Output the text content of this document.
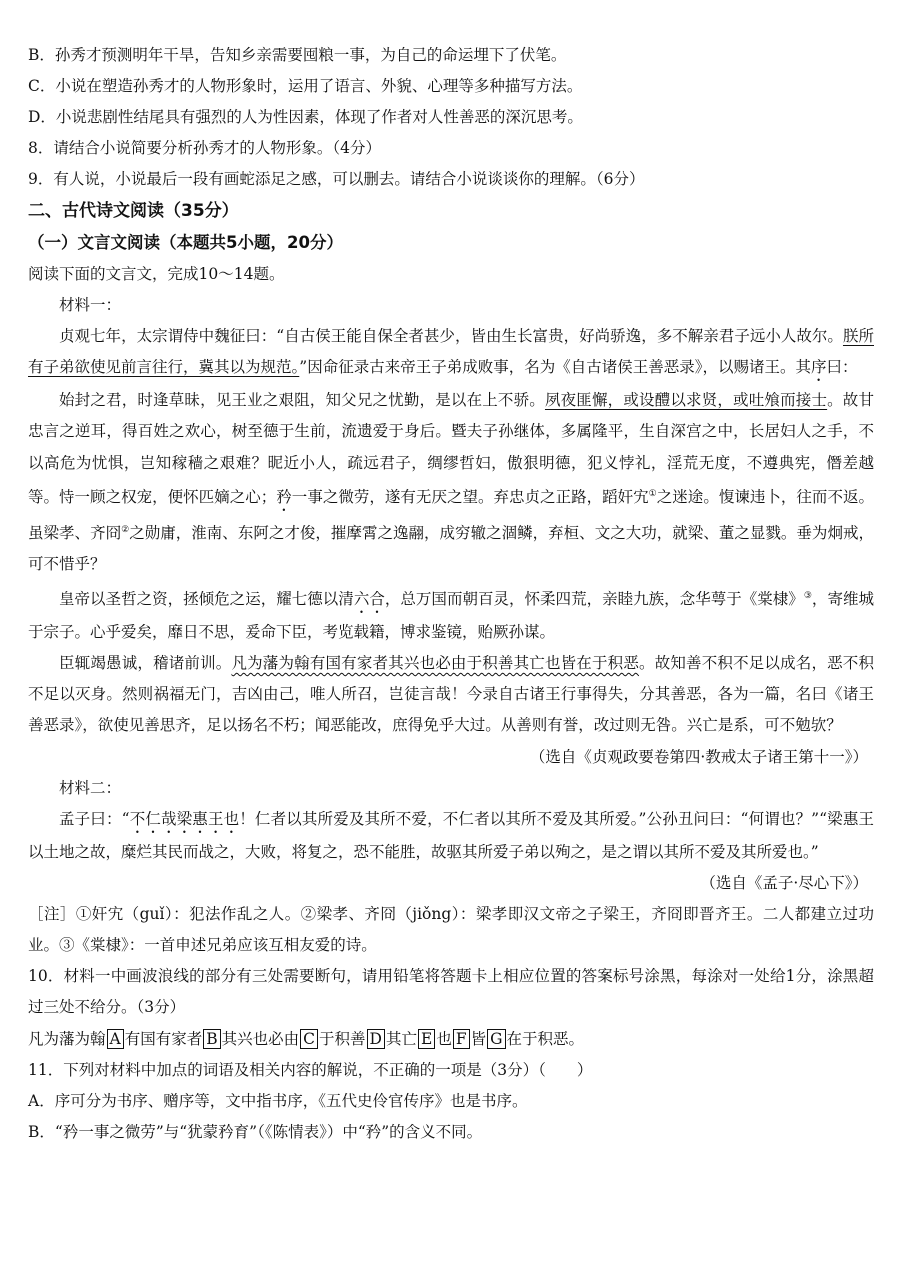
B．孙秀才预测明年干旱，告知乡亲需要囤粮一事，为自己的命运埋下了伏笔。
C．小说在塑造孙秀才的人物形象时，运用了语言、外貌、心理等多种描写方法。
D．小说悲剧性结尾具有强烈的人为性因素，体现了作者对人性善恶的深沉思考。
8．请结合小说简要分析孙秀才的人物形象。（4分）
9．有人说，小说最后一段有画蛇添足之感，可以删去。请结合小说谈谈你的理解。（6分）
二、古代诗文阅读（35分）
（一）文言文阅读（本题共5小题，20分）
阅读下面的文言文，完成10～14题。
材料一：
贞观七年，太宗谓侍中魏征曰：“自古侯王能自保全者甚少，皆由生长富贵，好尚骄逸，多不解亲君子远小人故尔。朕所有子弟欲使见前言往行，冀其以为规范。”因命征录古来帝王子弟成败事，名为《自古诸侯王善恶录》，以赐诸王。其序曰：
始封之君，时逢草昧，见王业之艰阻，知父兄之忧勤，是以在上不骄。夙夜匪懈，或设醴以求贤，或吐飧而接士。故甘忠言之逆耳，得百姓之欢心，树至德于生前，流遗爱于身后。暨夫子孙继体，多属隆平，生自深宫之中，长居妇人之手，不以高危为忧惧，岂知稼穑之艰难？昵近小人，疏远君子，绸缪哲妇，傲狠明德，犯义悖礼，淫荒无度，不遵典宪，僭差越等。恃一顾之权宠，便怀匹嫡之心；矜一事之微劳，遂有无厌之望。弃忠贞之正路，蹈奸宄①之迷途。愎谏违卜，往而不返。虽梁孝、齐冏②之勋庸，淮南、东阿之才俊，摧摩霄之逸翮，成穷辙之涸鳞，弃桓、文之大功，就梁、董之显戮。垂为炯戒，可不惜乎？
皇帝以圣哲之资，拯倾危之运，耀七德以清六合，总万国而朝百灵，怀柔四荒，亲睦九族，念华萼于《棠棣》③，寄维城于宗子。心乎爱矣，靡日不思，爰命下臣，考览载籍，博求鉴镜，贻厥孙谋。
臣辄竭愚诚，稽诸前训。凡为藩为翰有国有家者其兴也必由于积善其亡也皆在于积恶。故知善不积不足以成名，恶不积不足以灭身。然则祸福无门，吉凶由己，唯人所召，岂徒言哉！今录自古诸王行事得失，分其善恶，各为一篇，名曰《诸王善恶录》，欲使见善思齐，足以扬名不朽；闻恶能改，庶得免乎大过。从善则有誉，改过则无咎。兴亡是系，可不勉欤？
（选自《贞观政要卷第四·教戒太子诸王第十一》）
材料二：
孟子曰：“不仁哉梁惠王也！仁者以其所爱及其所不爱，不仁者以其所不爱及其所爱。”公孙丑问曰：“何谓也？”“梁惠王以土地之故，糜烂其民而战之，大败，将复之，恐不能胜，故驱其所爱子弟以殉之，是之谓以其所不爱及其所爱也。”
（选自《孟子·尽心下》）
［注］①奸宄（guǐ）：犯法作乱之人。②梁孝、齐冏（jiǒng）：梁孝即汉文帝之子梁王，齐冏即晋齐王。二人都建立过功业。③《棠棣》：一首申述兄弟应该互相友爱的诗。
10．材料一中画波浪线的部分有三处需要断句，请用铅笔将答题卡上相应位置的答案标号涂黑，每涂对一处给1分，涂黑超过三处不给分。（3分）
凡为藩为翰 A 有国有家者 B 其兴也必由 C 于积善 D 其亡 E 也 F 皆 G 在于积恶。
11．下列对材料中加点的词语及相关内容的解说，不正确的一项是（3分）（　　）
A．序可分为书序、赠序等，文中指书序，《五代史伶官传序》也是书序。
B．“矜一事之微劳”与“犹蒙矜育”（《陈情表》）中“矜”的含义不同。
